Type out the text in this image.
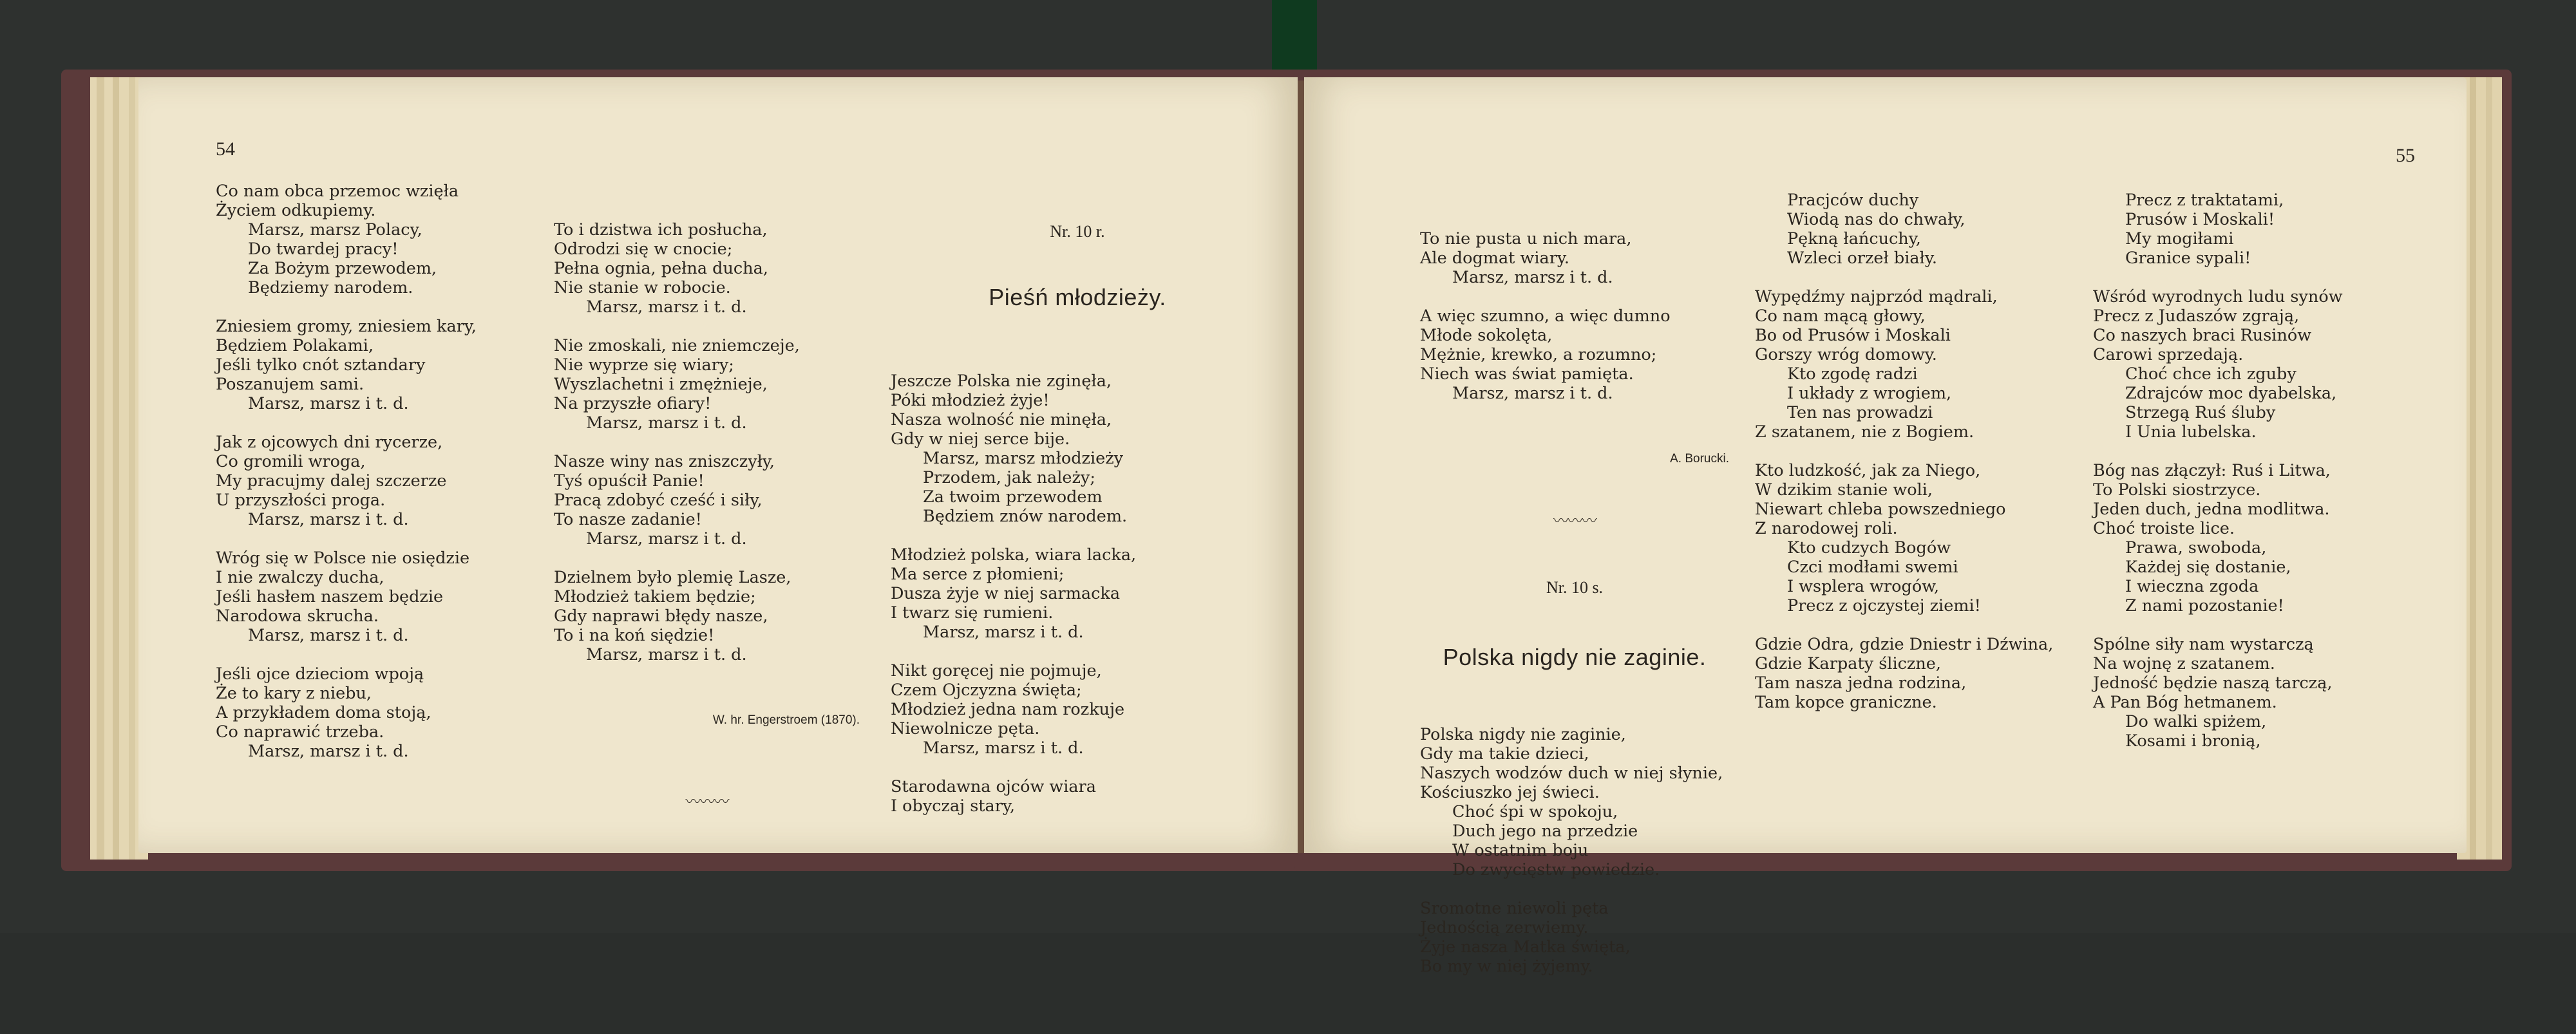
54
Co nam obca przemoc wzięła
Życiem odkupiemy.
Marsz, marsz Polacy,
Do twardej pracy!
Za Bożym przewodem,
Będziemy narodem.
Zniesiem gromy, zniesiem kary,
Będziem Polakami,
Jeśli tylko cnót sztandary
Poszanujem sami.
Marsz, marsz i t. d.
Jak z ojcowych dni rycerze,
Co gromili wroga,
My pracujmy dalej szczerze
U przyszłości proga.
Marsz, marsz i t. d.
Wróg się w Polsce nie osiędzie
I nie zwalczy ducha,
Jeśli hasłem naszem będzie
Narodowa skrucha.
Marsz, marsz i t. d.
Jeśli ojce dzieciom wpoją
Że to kary z niebu,
A przykładem doma stoją,
Co naprawić trzeba.
Marsz, marsz i t. d.

To i dzistwa ich posłucha,
Odrodzi się w cnocie;
Pełna ognia, pełna ducha,
Nie stanie w robocie.
Marsz, marsz i t. d.
Nie zmoskali, nie zniemczeje,
Nie wyprze się wiary;
Wyszlachetni i zmężnieje,
Na przyszłe ofiary!
Marsz, marsz i t. d.
Nasze winy nas zniszczyły,
Tyś opuścił Panie!
Pracą zdobyć cześć i siły,
To nasze zadanie!
Marsz, marsz i t. d.
Dzielnem było plemię Lasze,
Młodzież takiem będzie;
Gdy naprawi błędy nasze,
To i na koń siędzie!
Marsz, marsz i t. d.

W. hr. Engerstroem (1870).

〰〰〰

Nr. 10 r.

Pieśń młodzieży.

Jeszcze Polska nie zginęła,
Póki młodzież żyje!
Nasza wolność nie minęła,
Gdy w niej serce bije.
Marsz, marsz młodzieży
Przodem, jak należy;
Za twoim przewodem
Będziem znów narodem.
Młodzież polska, wiara lacka,
Ma serce z płomieni;
Dusza żyje w niej sarmacka
I twarz się rumieni.
Marsz, marsz i t. d.
Nikt goręcej nie pojmuje,
Czem Ojczyzna święta;
Młodzież jedna nam rozkuje
Niewolnicze pęta.
Marsz, marsz i t. d.
Starodawna ojców wiara
I obyczaj stary,

55

To nie pusta u nich mara,
Ale dogmat wiary.
Marsz, marsz i t. d.
A więc szumno, a więc dumno
Młode sokolęta,
Mężnie, krewko, a rozumno;
Niech was świat pamięta.
Marsz, marsz i t. d.

A. Borucki.

〰〰〰

Nr. 10 s.

Polska nigdy nie zaginie.

Polska nigdy nie zaginie,
Gdy ma takie dzieci,
Naszych wodzów duch w niej słynie,
Kościuszko jej świeci.
Choć śpi w spokoju,
Duch jego na przedzie
W ostatnim boju
Do zwycięstw powiedzie.
Sromotne niewoli pęta
Jednością zerwiemy.
Żyje nasza Matka święta,
Bo my w niej żyjemy.

Pracjców duchy
Wiodą nas do chwały,
Pękną łańcuchy,
Wzleci orzeł biały.
Wypędźmy najprzód mądrali,
Co nam mącą głowy,
Bo od Prusów i Moskali
Gorszy wróg domowy.
Kto zgodę radzi
I układy z wrogiem,
Ten nas prowadzi
Z szatanem, nie z Bogiem.
Kto ludzkość, jak za Niego,
W dzikim stanie woli,
Niewart chleba powszedniego
Z narodowej roli.
Kto cudzych Bogów
Czci modłami swemi
I wsplera wrogów,
Precz z ojczystej ziemi!
Gdzie Odra, gdzie Dniestr i Dźwina,
Gdzie Karpaty śliczne,
Tam nasza jedna rodzina,
Tam kopce graniczne.
Precz z traktatami,
Prusów i Moskali!
My mogiłami
Granice sypali!
Wśród wyrodnych ludu synów
Precz z Judaszów zgrają,
Co naszych braci Rusinów
Carowi sprzedają.
Choć chce ich zguby
Zdrajców moc dyabelska,
Strzegą Ruś śluby
I Unia lubelska.
Bóg nas złączył: Ruś i Litwa,
To Polski siostrzyce.
Jeden duch, jedna modlitwa.
Choć troiste lice.
Prawa, swoboda,
Każdej się dostanie,
I wieczna zgoda
Z nami pozostanie!
Spólne siły nam wystarczą
Na wojnę z szatanem.
Jedność będzie naszą tarczą,
A Pan Bóg hetmanem.
Do walki spiżem,
Kosami i bronią,
